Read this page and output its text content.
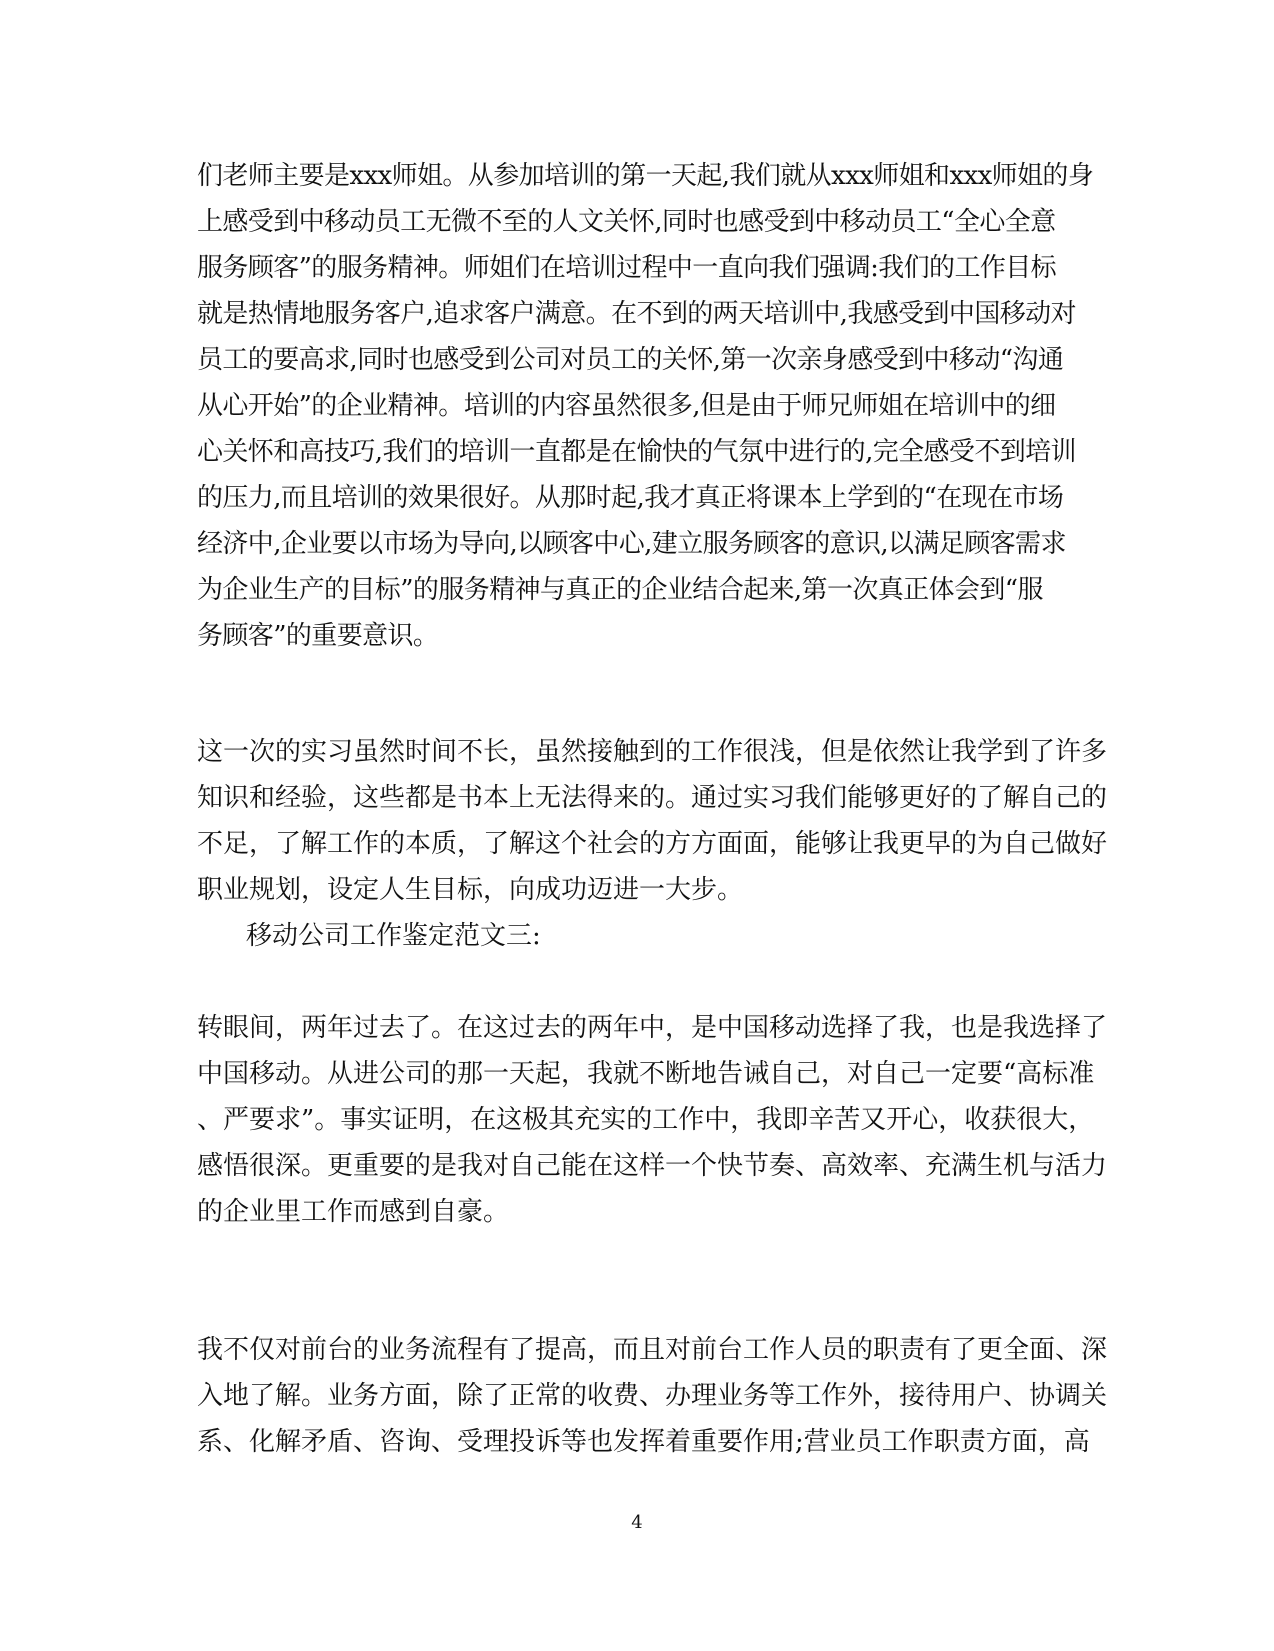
们老师主要是xxx师姐。从参加培训的第一天起,我们就从xxx师姐和xxx师姐的身
上感受到中移动员工无微不至的人文关怀,同时也感受到中移动员工“全心全意
服务顾客”的服务精神。师姐们在培训过程中一直向我们强调:我们的工作目标
就是热情地服务客户,追求客户满意。在不到的两天培训中,我感受到中国移动对
员工的要高求,同时也感受到公司对员工的关怀,第一次亲身感受到中移动“沟通
从心开始”的企业精神。培训的内容虽然很多,但是由于师兄师姐在培训中的细
心关怀和高技巧,我们的培训一直都是在愉快的气氛中进行的,完全感受不到培训
的压力,而且培训的效果很好。从那时起,我才真正将课本上学到的“在现在市场
经济中,企业要以市场为导向,以顾客中心,建立服务顾客的意识,以满足顾客需求
为企业生产的目标”的服务精神与真正的企业结合起来,第一次真正体会到“服
务顾客”的重要意识。
这一次的实习虽然时间不长，虽然接触到的工作很浅，但是依然让我学到了许多
知识和经验，这些都是书本上无法得来的。通过实习我们能够更好的了解自己的
不足，了解工作的本质，了解这个社会的方方面面，能够让我更早的为自己做好
职业规划，设定人生目标，向成功迈进一大步。
移动公司工作鉴定范文三:
转眼间，两年过去了。在这过去的两年中，是中国移动选择了我，也是我选择了
中国移动。从进公司的那一天起，我就不断地告诫自己，对自己一定要“高标准
、严要求”。事实证明，在这极其充实的工作中，我即辛苦又开心，收获很大，
感悟很深。更重要的是我对自己能在这样一个快节奏、高效率、充满生机与活力
的企业里工作而感到自豪。
我不仅对前台的业务流程有了提高，而且对前台工作人员的职责有了更全面、深
入地了解。业务方面，除了正常的收费、办理业务等工作外，接待用户、协调关
系、化解矛盾、咨询、受理投诉等也发挥着重要作用;营业员工作职责方面，高
4
